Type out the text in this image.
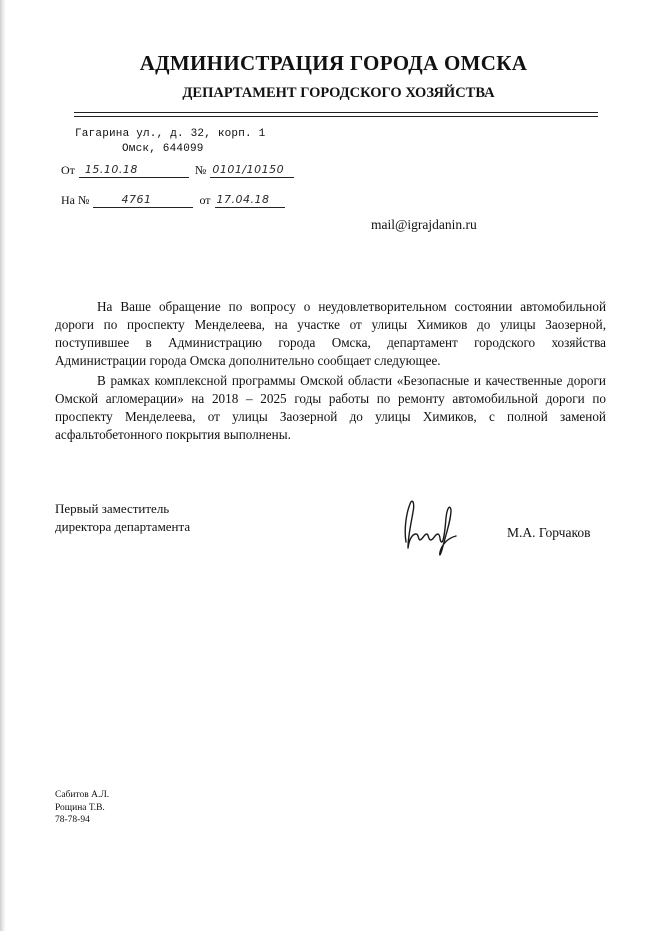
АДМИНИСТРАЦИЯ ГОРОДА ОМСКА
ДЕПАРТАМЕНТ ГОРОДСКОГО ХОЗЯЙСТВА
Гагарина ул., д. 32, корп. 1
Омск, 644099
От 15.10.18	№ 0101/10150
На №	4761	от 17.04.18
mail@igrajdanin.ru

На Ваше обращение по вопросу о неудовлетворительном состоянии автомобильной дороги по проспекту Менделеева, на участке от улицы Химиков до улицы Заозерной, поступившее в Администрацию города Омска, департамент городского хозяйства Администрации города Омска дополнительно сообщает следующее.

В рамках комплексной программы Омской области «Безопасные и качественные дороги Омской агломерации» на 2018 – 2025 годы работы по ремонту автомобильной дороги по проспекту Менделеева, от улицы Заозерной до улицы Химиков, с полной заменой асфальтобетонного покрытия выполнены.

Первый заместитель
директора департамента	М.А. Горчаков
Сабитов А.Л.
Рощина Т.В.
78-78-94
